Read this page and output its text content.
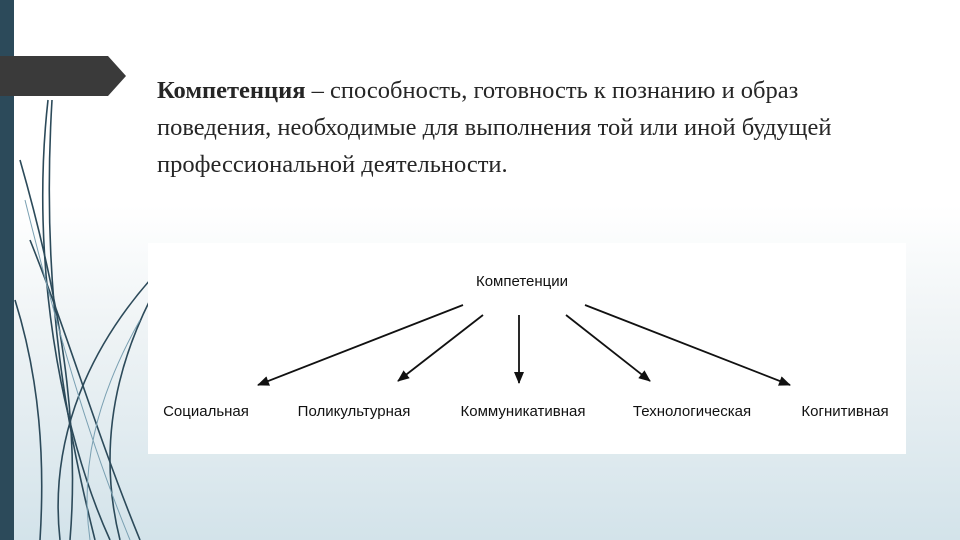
Компетенция – способность, готовность к познанию и образ поведения, необходимые для выполнения той или иной будущей профессиональной деятельности.

Компетенции
Социальная	Поликультурная	Коммуникативная	Технологическая	Когнитивная
